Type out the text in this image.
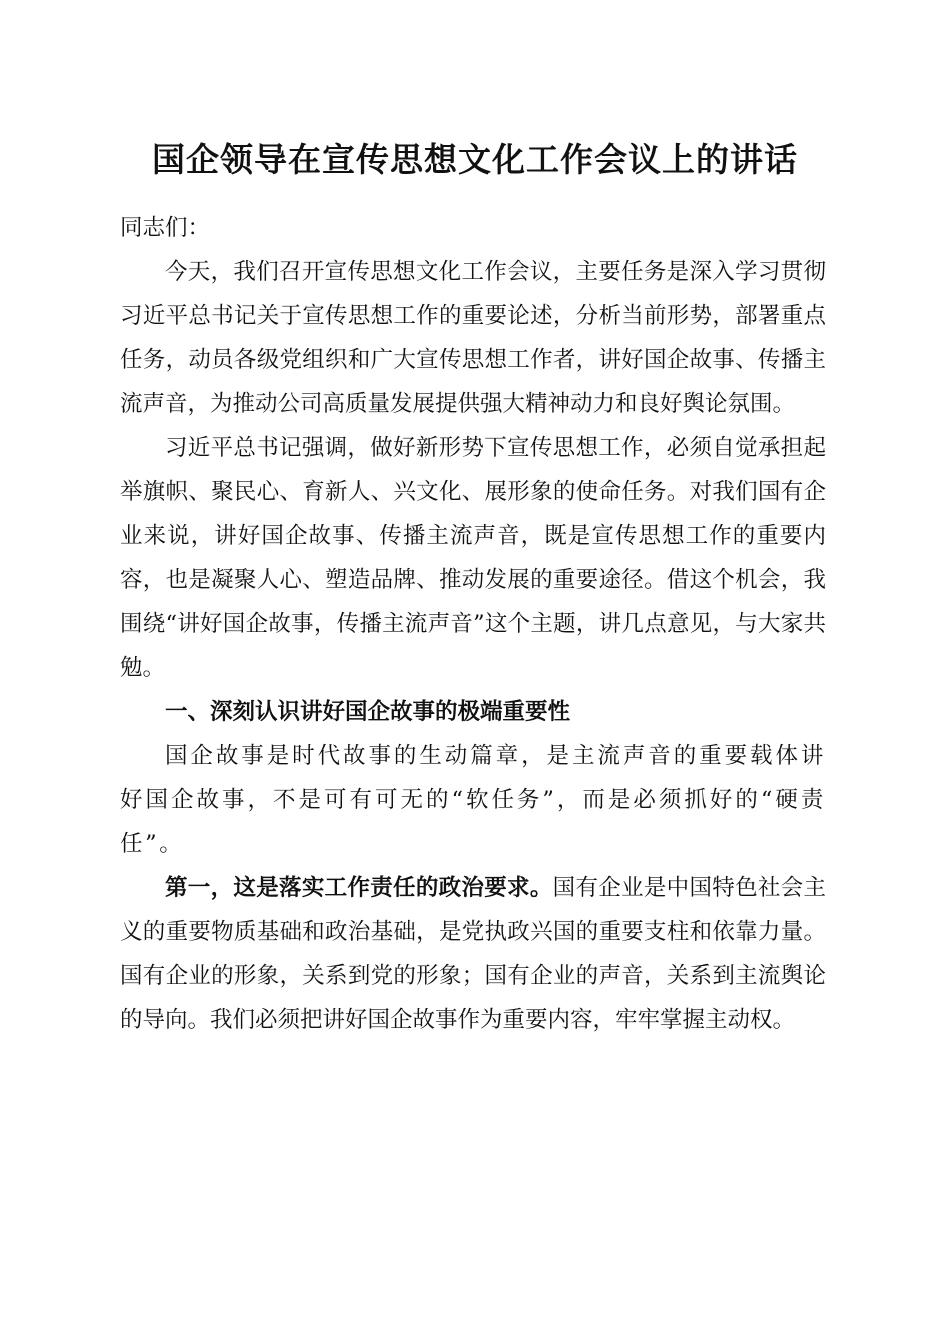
国企领导在宣传思想文化工作会议上的讲话

同志们：

今天，我们召开宣传思想文化工作会议，主要任务是深入学习贯彻习近平总书记关于宣传思想工作的重要论述，分析当前形势，部署重点任务，动员各级党组织和广大宣传思想工作者，讲好国企故事、传播主流声音，为推动公司高质量发展提供强大精神动力和良好舆论氛围。

习近平总书记强调，做好新形势下宣传思想工作，必须自觉承担起举旗帜、聚民心、育新人、兴文化、展形象的使命任务。对我们国有企业来说，讲好国企故事、传播主流声音，既是宣传思想工作的重要内容，也是凝聚人心、塑造品牌、推动发展的重要途径。借这个机会，我围绕“讲好国企故事，传播主流声音”这个主题，讲几点意见，与大家共勉。

一、深刻认识讲好国企故事的极端重要性

国企故事是时代故事的生动篇章，是主流声音的重要载体讲好国企故事，不是可有可无的“软任务”，而是必须抓好的“硬责任”。

第一，这是落实工作责任的政治要求。国有企业是中国特色社会主义的重要物质基础和政治基础，是党执政兴国的重要支柱和依靠力量。国有企业的形象，关系到党的形象；国有企业的声音，关系到主流舆论的导向。我们必须把讲好国企故事作为重要内容，牢牢掌握主动权。
